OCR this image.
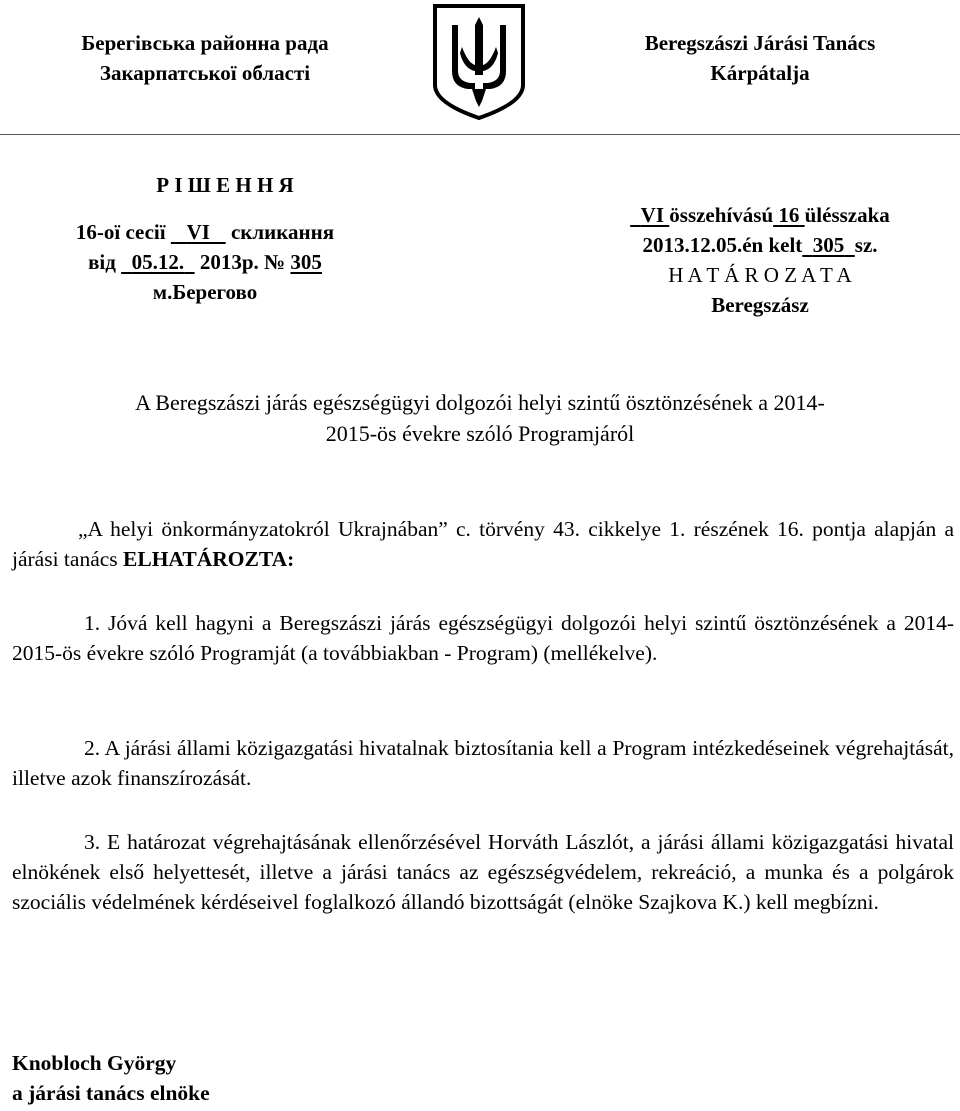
Берегівська районна рада
Закарпатської області
Beregszászi Járási Tanács
Kárpátalja
Р І Ш Е Н Н Я
16-ої сесії    VI    скликання
від   05.12.   2013р. № 305
м.Берегово
VI összehívású 16 ülésszaka
2013.12.05.én kelt 305 sz.
H A T Á R O Z A T A
Beregszász
A Beregszászi járás egészségügyi dolgozói helyi szintű ösztönzésének a 2014-
2015-ös évekre szóló Programjáról
„A helyi önkormányzatokról Ukrajnában” c. törvény 43. cikkelye 1. részének 16. pontja alapján a járási tanács ELHATÁROZTA:
1. Jóvá kell hagyni a Beregszászi járás egészségügyi dolgozói helyi szintű ösztönzésének a 2014-2015-ös évekre szóló Programját (a továbbiakban - Program) (mellékelve).
2. A járási állami közigazgatási hivatalnak biztosítania kell a Program intézkedéseinek végrehajtását, illetve azok finanszírozását.
3. E határozat végrehajtásának ellenőrzésével Horváth Lászlót, a járási állami közigazgatási hivatal elnökének első helyettesét, illetve a járási tanács az egészségvédelem, rekreáció, a munka és a polgárok szociális védelmének kérdéseivel foglalkozó állandó bizottságát (elnöke Szajkova K.) kell megbízni.
Knobloch György
a járási tanács elnöke
